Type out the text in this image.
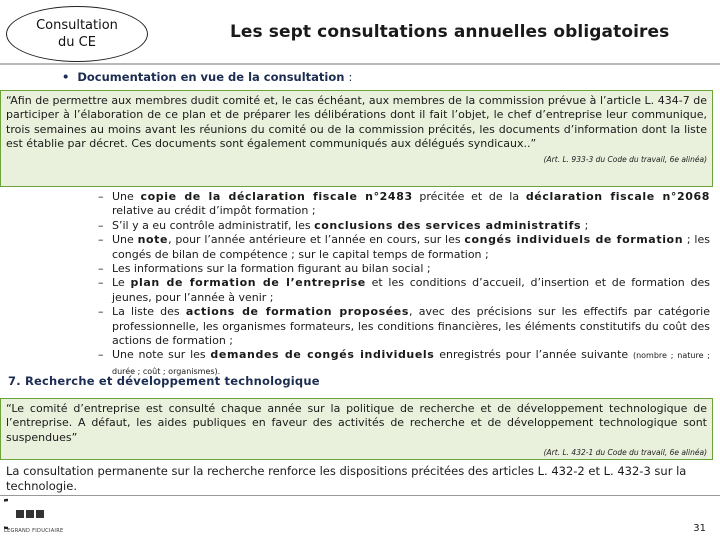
Consultation
du CE
Les sept consultations annuelles obligatoires
• Documentation en vue de la consultation :
“Afin de permettre aux membres dudit comité et, le cas échéant, aux membres de la commission prévue à l’article L. 434-7 de participer à l’élaboration de ce plan et de préparer les délibérations dont il fait l’objet, le chef d’entreprise leur communique, trois semaines au moins avant les réunions du comité ou de la commission précités, les documents d’information dont la liste est établie par décret. Ces documents sont également communiqués aux délégués syndicaux..”
(Art. L. 933-3 du Code du travail, 6e alinéa)
– Une copie de la déclaration fiscale n°2483 précitée et de la déclaration fiscale n°2068 relative au crédit d’impôt formation ;
– S’il y a eu contrôle administratif, les conclusions des services administratifs ;
– Une note, pour l’année antérieure et l’année en cours, sur les congés individuels de formation ; les congés de bilan de compétence ; sur le capital temps de formation ;
– Les informations sur la formation figurant au bilan social ;
– Le plan de formation de l’entreprise et les conditions d’accueil, d’insertion et de formation des jeunes, pour l’année à venir ;
– La liste des actions de formation proposées, avec des précisions sur les effectifs par catégorie professionnelle, les organismes formateurs, les conditions financières, les éléments constitutifs du coût des actions de formation ;
– Une note sur les demandes de congés individuels enregistrés pour l’année suivante (nombre ; nature ; durée ; coût ; organismes).
7. Recherche et développement technologique
“Le comité d’entreprise est consulté chaque année sur la politique de recherche et de développement technologique de l’entreprise. A défaut, les aides publiques en faveur des activités de recherche et de développement technologique sont suspendues”
(Art. L. 432-1 du Code du travail, 6e alinéa)
La consultation permanente sur la recherche renforce les dispositions précitées des articles L. 432-2 et L. 432-3 sur la technologie.
LEGRAND FIDUCIAIRE	31
